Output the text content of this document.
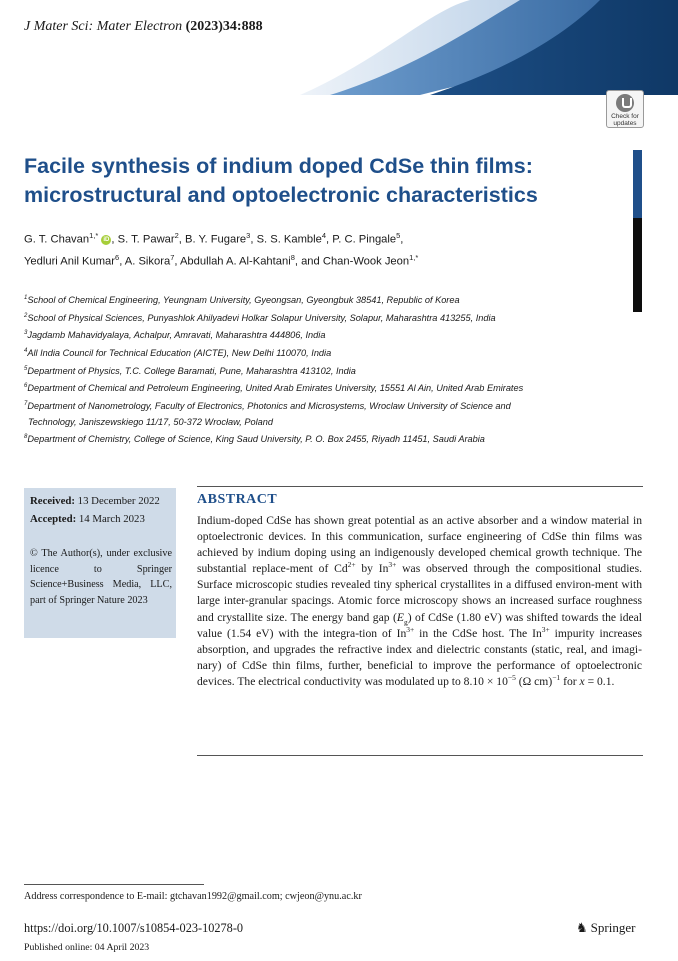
J Mater Sci: Mater Electron (2023)34:888
Check for updates
Facile synthesis of indium doped CdSe thin films: microstructural and optoelectronic characteristics
G. T. Chavan$^{1,*}$ iD , S. T. Pawar$^2$, B. Y. Fugare$^3$, S. S. Kamble$^4$, P. C. Pingale$^5$,
Yedluri Anil Kumar$^6$, A. Sikora$^7$, Abdullah A. Al-Kahtani$^8$, and Chan-Wook Jeon$^{1,*}$
$^1$School of Chemical Engineering, Yeungnam University, Gyeongsan, Gyeongbuk 38541, Republic of Korea
$^2$School of Physical Sciences, Punyashlok Ahilyadevi Holkar Solapur University, Solapur, Maharashtra 413255, India
$^3$Jagdamb Mahavidyalaya, Achalpur, Amravati, Maharashtra 444806, India
$^4$All India Council for Technical Education (AICTE), New Delhi 110070, India
$^5$Department of Physics, T.C. College Baramati, Pune, Maharashtra 413102, India
$^6$Department of Chemical and Petroleum Engineering, United Arab Emirates University, 15551 Al Ain, United Arab Emirates
$^7$Department of Nanometrology, Faculty of Electronics, Photonics and Microsystems, Wroclaw University of Science and
Technology, Janiszewskiego 11/17, 50-372 Wrocław, Poland
$^8$Department of Chemistry, College of Science, King Saud University, P. O. Box 2455, Riyadh 11451, Saudi Arabia
Received: 13 December 2022
Accepted: 14 March 2023
© The Author(s), under exclusive licence to Springer Science+Business Media, LLC, part of Springer Nature 2023
ABSTRACT
Indium-doped CdSe has shown great potential as an active absorber and a window material in optoelectronic devices. In this communication, surface engineering of CdSe thin films was achieved by indium doping using an indigenously developed chemical growth technique. The substantial replace-ment of $Cd^{2+}$ by $In^{3+}$ was observed through the compositional studies. Surface microscopic studies revealed tiny spherical crystallites in a diffused environ-ment with large inter-granular spacings. Atomic force microscopy shows an increased surface roughness and crystallite size. The energy band gap $(E_g)$ of CdSe (1.80 eV) was shifted towards the ideal value (1.54 eV) with the integra-tion of $In^{3+}$ in the CdSe host. The $In^{3+}$ impurity increases absorption, and upgrades the refractive index and dielectric constants (static, real, and imagi-nary) of CdSe thin films, further, beneficial to improve the performance of optoelectronic devices. The electrical conductivity was modulated up to $8.10 \times 10^{-5}$ (Ω cm)$^{-1}$ for x = 0.1.
Address correspondence to E-mail: gtchavan1992@gmail.com; cwjeon@ynu.ac.kr
https://doi.org/10.1007/s10854-023-10278-0
Published online: 04 April 2023
♞ Springer
